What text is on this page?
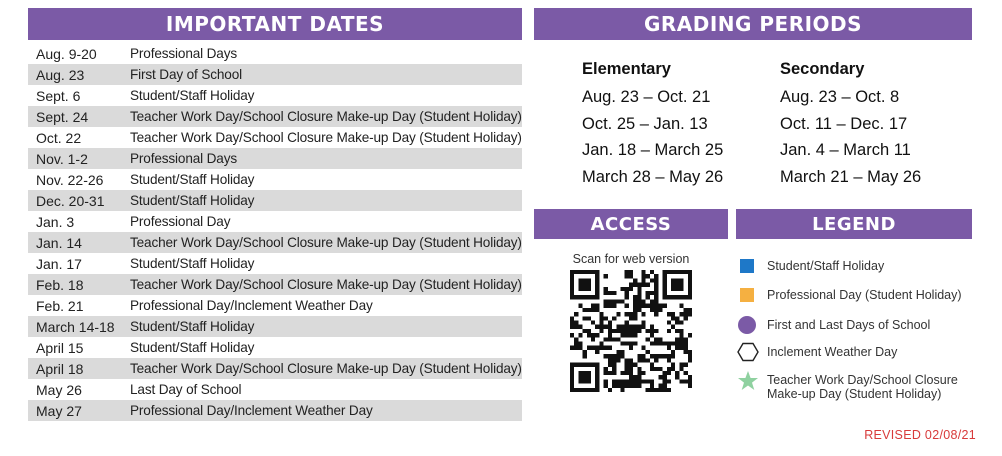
IMPORTANT DATES
Aug. 9-20	Professional Days
Aug. 23	First Day of School
Sept. 6	Student/Staff Holiday
Sept. 24	Teacher Work Day/School Closure Make-up Day (Student Holiday)
Oct. 22	Teacher Work Day/School Closure Make-up Day (Student Holiday)
Nov. 1-2	Professional Days
Nov. 22-26	Student/Staff Holiday
Dec. 20-31	Student/Staff Holiday
Jan. 3	Professional Day
Jan. 14	Teacher Work Day/School Closure Make-up Day (Student Holiday)
Jan. 17	Student/Staff Holiday
Feb. 18	Teacher Work Day/School Closure Make-up Day (Student Holiday)
Feb. 21	Professional Day/Inclement Weather Day
March 14-18	Student/Staff Holiday
April 15	Student/Staff Holiday
April 18	Teacher Work Day/School Closure Make-up Day (Student Holiday)
May 26	Last Day of School
May 27	Professional Day/Inclement Weather Day
GRADING PERIODS
Elementary
Aug. 23 – Oct. 21
Oct. 25 – Jan. 13
Jan. 18 – March 25
March 28 – May 26
Secondary
Aug. 23 – Oct. 8
Oct. 11 – Dec. 17
Jan. 4 – March 11
March 21 – May 26
ACCESS
Scan for web version
LEGEND
Student/Staff Holiday
Professional Day (Student Holiday)
First and Last Days of School
Inclement Weather Day
Teacher Work Day/School Closure
Make-up Day (Student Holiday)
REVISED 02/08/21
